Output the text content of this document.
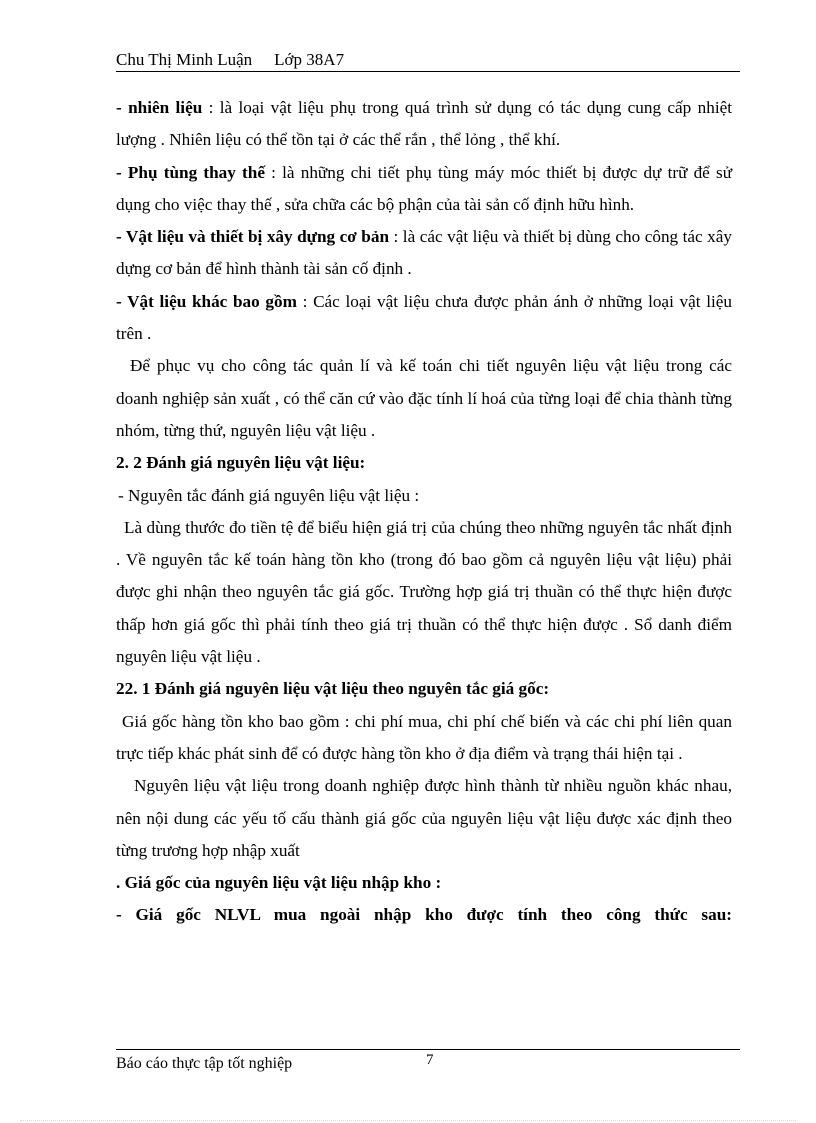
Chu Thị Minh Luận Lớp 38A7

- nhiên liệu : là loại vật liệu phụ trong quá trình sử dụng có tác dụng cung cấp nhiệt lượng . Nhiên liệu có thể tồn tại ở các thể rắn , thể lỏng , thể khí.

- Phụ tùng thay thế : là những chi tiết phụ tùng máy móc thiết bị được dự trữ để sử dụng cho việc thay thế , sửa chữa các bộ phận của tài sản cố định hữu hình.

- Vật liệu và thiết bị xây dựng cơ bản : là các vật liệu và thiết bị dùng cho công tác xây dựng cơ bản để hình thành tài sản cố định .

- Vật liệu khác bao gồm : Các loại vật liệu chưa được phản ánh ở những loại vật liệu trên .

Để phục vụ cho công tác quản lí và kế toán chi tiết nguyên liệu vật liệu trong các doanh nghiệp sản xuất , có thể căn cứ vào đặc tính lí hoá của từng loại để chia thành từng nhóm, từng thứ, nguyên liệu vật liệu .

2. 2 Đánh giá nguyên liệu vật liệu:

- Nguyên tắc đánh giá nguyên liệu vật liệu :

Là dùng thước đo tiền tệ để biểu hiện giá trị của chúng theo những nguyên tắc nhất định . Về nguyên tắc kế toán hàng tồn kho (trong đó bao gồm cả nguyên liệu vật liệu) phải được ghi nhận theo nguyên tắc giá gốc. Trường hợp giá trị thuần có thể thực hiện được thấp hơn giá gốc thì phải tính theo giá trị thuần có thể thực hiện được . Sổ danh điểm nguyên liệu vật liệu .

22. 1 Đánh giá nguyên liệu vật liệu theo nguyên tắc giá gốc:

Giá gốc hàng tồn kho bao gồm : chi phí mua, chi phí chế biến và các chi phí liên quan trực tiếp khác phát sinh để có được hàng tồn kho ở địa điểm và trạng thái hiện tại .

Nguyên liệu vật liệu trong doanh nghiệp được hình thành từ nhiều nguồn khác nhau, nên nội dung các yếu tố cấu thành giá gốc của nguyên liệu vật liệu được xác định theo từng trương hợp nhập xuất

. Giá gốc của nguyên liệu vật liệu nhập kho :

- Giá gốc NLVL mua ngoài nhập kho được tính theo công thức sau:

Báo cáo thực tập tốt nghiệp	7
